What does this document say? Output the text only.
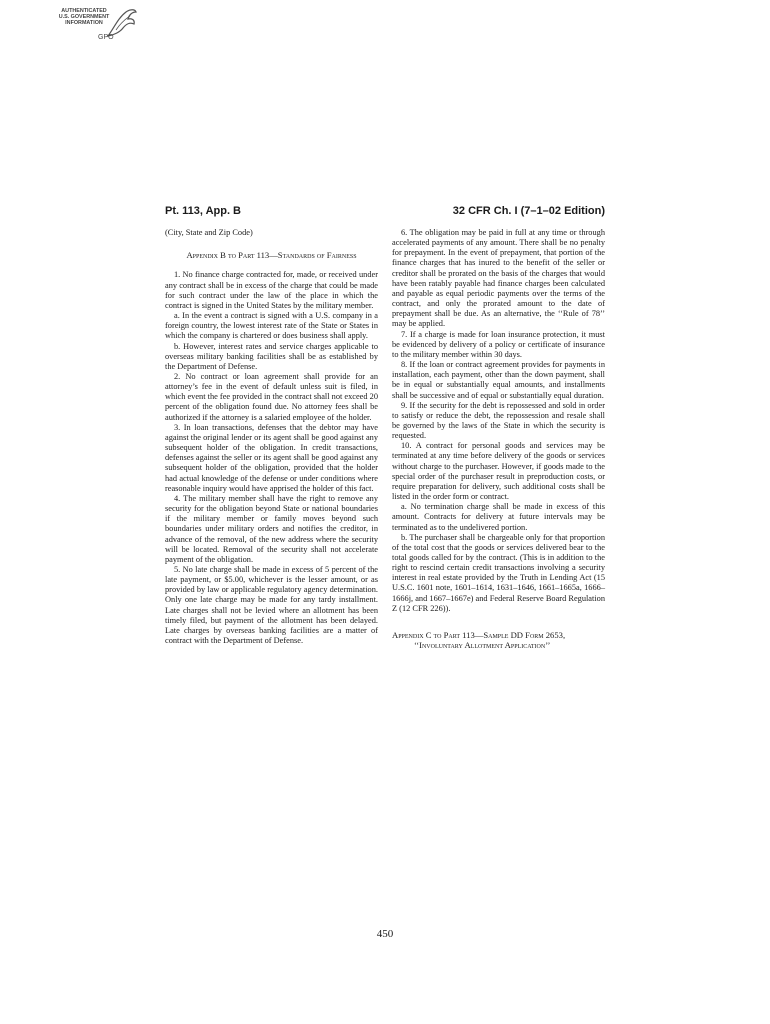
AUTHENTICATED
U.S. GOVERNMENT
INFORMATION
GPO
Pt. 113, App. B	32 CFR Ch. I (7–1–02 Edition)

(City, State and Zip Code)

Appendix B to Part 113—Standards of Fairness

1. No finance charge contracted for, made, or received under any contract shall be in excess of the charge that could be made for such contract under the law of the place in which the contract is signed in the United States by the military member.

a. In the event a contract is signed with a U.S. company in a foreign country, the lowest interest rate of the State or States in which the company is chartered or does business shall apply.

b. However, interest rates and service charges applicable to overseas military banking facilities shall be as established by the Department of Defense.

2. No contract or loan agreement shall provide for an attorney’s fee in the event of default unless suit is filed, in which event the fee provided in the contract shall not exceed 20 percent of the obligation found due. No attorney fees shall be authorized if the attorney is a salaried employee of the holder.

3. In loan transactions, defenses that the debtor may have against the original lender or its agent shall be good against any subsequent holder of the obligation. In credit transactions, defenses against the seller or its agent shall be good against any subsequent holder of the obligation, provided that the holder had actual knowledge of the defense or under conditions where reasonable inquiry would have apprised the holder of this fact.

4. The military member shall have the right to remove any security for the obligation beyond State or national boundaries if the military member or family moves beyond such boundaries under military orders and notifies the creditor, in advance of the removal, of the new address where the security will be located. Removal of the security shall not accelerate payment of the obligation.

5. No late charge shall be made in excess of 5 percent of the late payment, or $5.00, whichever is the lesser amount, or as provided by law or applicable regulatory agency determination. Only one late charge may be made for any tardy installment. Late charges shall not be levied where an allotment has been timely filed, but payment of the allotment has been delayed. Late charges by overseas banking facilities are a matter of contract with the Department of Defense.

6. The obligation may be paid in full at any time or through accelerated payments of any amount. There shall be no penalty for prepayment. In the event of prepayment, that portion of the finance charges that has inured to the benefit of the seller or creditor shall be prorated on the basis of the charges that would have been ratably payable had finance charges been calculated and payable as equal periodic payments over the terms of the contract, and only the prorated amount to the date of prepayment shall be due. As an alternative, the ‘‘Rule of 78’’ may be applied.

7. If a charge is made for loan insurance protection, it must be evidenced by delivery of a policy or certificate of insurance to the military member within 30 days.

8. If the loan or contract agreement provides for payments in installation, each payment, other than the down payment, shall be in equal or substantially equal amounts, and installments shall be successive and of equal or substantially equal duration.

9. If the security for the debt is repossessed and sold in order to satisfy or reduce the debt, the repossession and resale shall be governed by the laws of the State in which the security is requested.

10. A contract for personal goods and services may be terminated at any time before delivery of the goods or services without charge to the purchaser. However, if goods made to the special order of the purchaser result in preproduction costs, or require preparation for delivery, such additional costs shall be listed in the order form or contract.

a. No termination charge shall be made in excess of this amount. Contracts for delivery at future intervals may be terminated as to the undelivered portion.

b. The purchaser shall be chargeable only for that proportion of the total cost that the goods or services delivered bear to the total goods called for by the contract. (This is in addition to the right to rescind certain credit transactions involving a security interest in real estate provided by the Truth in Lending Act (15 U.S.C. 1601 note, 1601–1614, 1631–1646, 1661–1665a, 1666–1666j, and 1667–1667e) and Federal Reserve Board Regulation Z (12 CFR 226)).

Appendix C to Part 113—Sample DD Form 2653, ‘‘Involuntary Allotment Application’’
450
